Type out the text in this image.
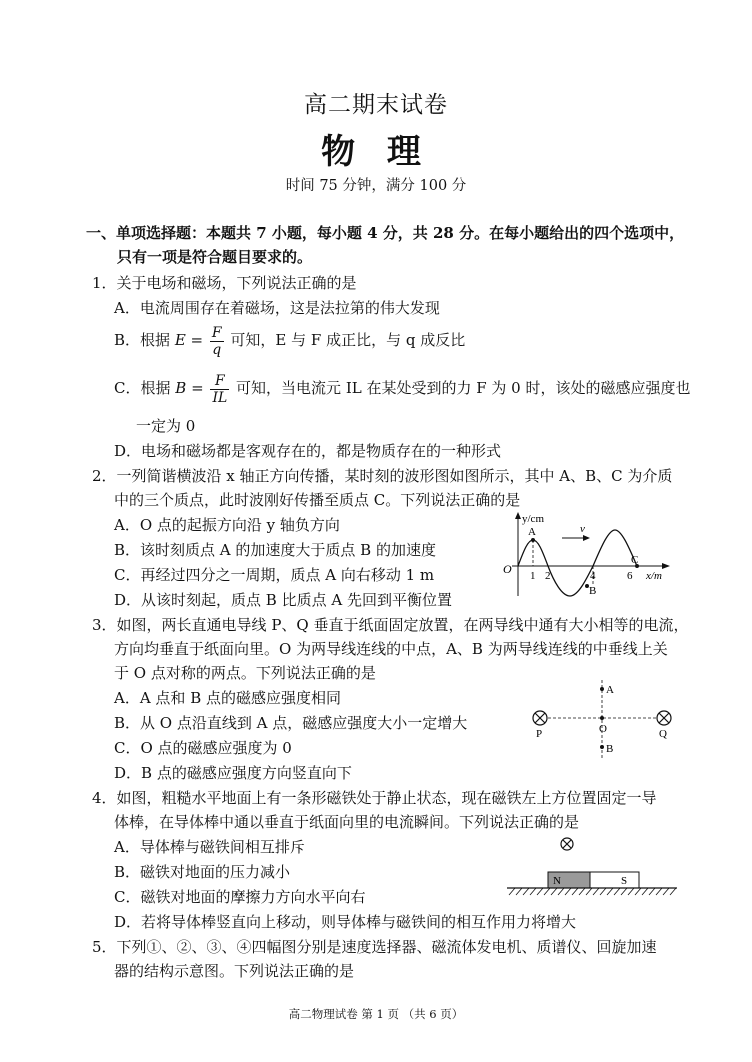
高二期末试卷
物 理
时间 75 分钟，满分 100 分
一、单项选择题：本题共 7 小题，每小题 4 分，共 28 分。在每小题给出的四个选项中，
只有一项是符合题目要求的。
1．关于电场和磁场，下列说法正确的是
A．电流周围存在着磁场，这是法拉第的伟大发现
B．根据 $E = \frac{F}{q}$ 可知，E 与 F 成正比，与 q 成反比
C．根据 $B = \frac{F}{IL}$ 可知，当电流元 IL 在某处受到的力 F 为 0 时，该处的磁感应强度也
一定为 0
D．电场和磁场都是客观存在的，都是物质存在的一种形式
2．一列简谐横波沿 x 轴正方向传播，某时刻的波形图如图所示，其中 A、B、C 为介质
中的三个质点，此时波刚好传播至质点 C。下列说法正确的是
A．O 点的起振方向沿 y 轴负方向
B．该时刻质点 A 的加速度大于质点 B 的加速度
C．再经过四分之一周期，质点 A 向右移动 1 m
D．从该时刻起，质点 B 比质点 A 先回到平衡位置
y/cm
x/m
O
A
B
C
1 2	4	6
v
3．如图，两长直通电导线 P、Q 垂直于纸面固定放置，在两导线中通有大小相等的电流，
方向均垂直于纸面向里。O 为两导线连线的中点，A、B 为两导线连线的中垂线上关
于 O 点对称的两点。下列说法正确的是
A．A 点和 B 点的磁感应强度相同
B．从 O 点沿直线到 A 点，磁感应强度大小一定增大
C．O 点的磁感应强度为 0
D．B 点的磁感应强度方向竖直向下
A
O
B
P	Q
4．如图，粗糙水平地面上有一条形磁铁处于静止状态，现在磁铁左上方位置固定一导
体棒，在导体棒中通以垂直于纸面向里的电流瞬间。下列说法正确的是
A．导体棒与磁铁间相互排斥
B．磁铁对地面的压力减小
C．磁铁对地面的摩擦力方向水平向右
D．若将导体棒竖直向上移动，则导体棒与磁铁间的相互作用力将增大
N	S
5．下列①、②、③、④四幅图分别是速度选择器、磁流体发电机、质谱仪、回旋加速
器的结构示意图。下列说法正确的是
高二物理试卷 第 1 页 （共 6 页）
